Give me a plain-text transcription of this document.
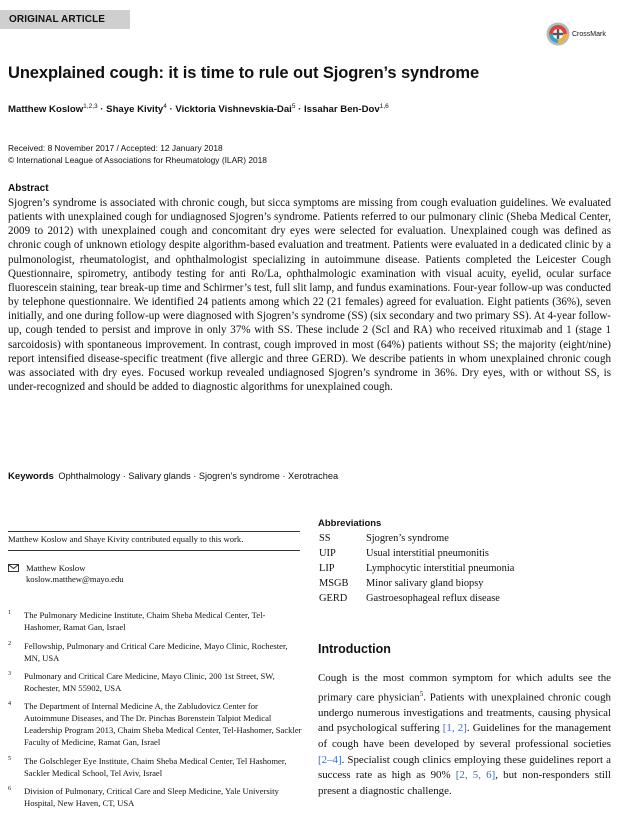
ORIGINAL ARTICLE
CrossMark
Unexplained cough: it is time to rule out Sjogren’s syndrome
Matthew Koslow$^{1,2,3}$ · Shaye Kivity$^4$ · Vicktoria Vishnevskia-Dai$^5$ · Issahar Ben-Dov$^{1,6}$
Received: 8 November 2017 / Accepted: 12 January 2018
© International League of Associations for Rheumatology (ILAR) 2018
Abstract
Sjogren’s syndrome is associated with chronic cough, but sicca symptoms are missing from cough evaluation guidelines. We evaluated patients with unexplained cough for undiagnosed Sjogren’s syndrome. Patients referred to our pulmonary clinic (Sheba Medical Center, 2009 to 2012) with unexplained cough and concomitant dry eyes were selected for evaluation. Unexplained cough was defined as chronic cough of unknown etiology despite algorithm-based evaluation and treatment. Patients were evaluated in a dedicated clinic by a pulmonologist, rheumatologist, and ophthalmologist specializing in autoimmune disease. Patients completed the Leicester Cough Questionnaire, spirometry, antibody testing for anti Ro/La, ophthalmologic examination with visual acuity, eyelid, ocular surface fluorescein staining, tear break-up time and Schirmer’s test, full slit lamp, and fundus examinations. Four-year follow-up was conducted by telephone questionnaire. We identified 24 patients among which 22 (21 females) agreed for evaluation. Eight patients (36%), seven initially, and one during follow-up were diagnosed with Sjogren’s syndrome (SS) (six secondary and two primary SS). At 4-year follow-up, cough tended to persist and improve in only 37% with SS. These include 2 (Scl and RA) who received rituximab and 1 (stage 1 sarcoidosis) with spontaneous improvement. In contrast, cough improved in most (64%) patients without SS; the majority (eight/nine) report intensified disease-specific treatment (five allergic and three GERD). We describe patients in whom unexplained chronic cough was associated with dry eyes. Focused workup revealed undiagnosed Sjogren’s syndrome in 36%. Dry eyes, with or without SS, is under-recognized and should be added to diagnostic algorithms for unexplained cough.
Keywords Ophthalmology · Salivary glands · Sjogren’s syndrome · Xerotrachea
Matthew Koslow and Shaye Kivity contributed equally to this work.
Matthew Koslow
koslow.matthew@mayo.edu
1 The Pulmonary Medicine Institute, Chaim Sheba Medical Center, Tel-Hashomer, Ramat Gan, Israel
2 Fellowship, Pulmonary and Critical Care Medicine, Mayo Clinic, Rochester, MN, USA
3 Pulmonary and Critical Care Medicine, Mayo Clinic, 200 1st Street, SW, Rochester, MN 55902, USA
4 The Department of Internal Medicine A, the Zabludovicz Center for Autoimmune Diseases, and The Dr. Pinchas Borenstein Talpiot Medical Leadership Program 2013, Chaim Sheba Medical Center, Tel-Hashomer, Sackler Faculty of Medicine, Ramat Gan, Israel
5 The Golschleger Eye Institute, Chaim Sheba Medical Center, Tel Hashomer, Sackler Medical School, Tel Aviv, Israel
6 Division of Pulmonary, Critical Care and Sleep Medicine, Yale University Hospital, New Haven, CT, USA
Abbreviations
SS	Sjogren’s syndrome
UIP	Usual interstitial pneumonitis
LIP	Lymphocytic interstitial pneumonia
MSGB Minor salivary gland biopsy
GERD Gastroesophageal reflux disease
Introduction
Cough is the most common symptom for which adults see the primary care physician$^5$. Patients with unexplained chronic cough undergo numerous investigations and treatments, causing physical and psychological suffering [1, 2]. Guidelines for the management of cough have been developed by several professional societies [2–4]. Specialist cough clinics employing these guidelines report a success rate as high as 90% [2, 5, 6], but non-responders still present a diagnostic challenge.
